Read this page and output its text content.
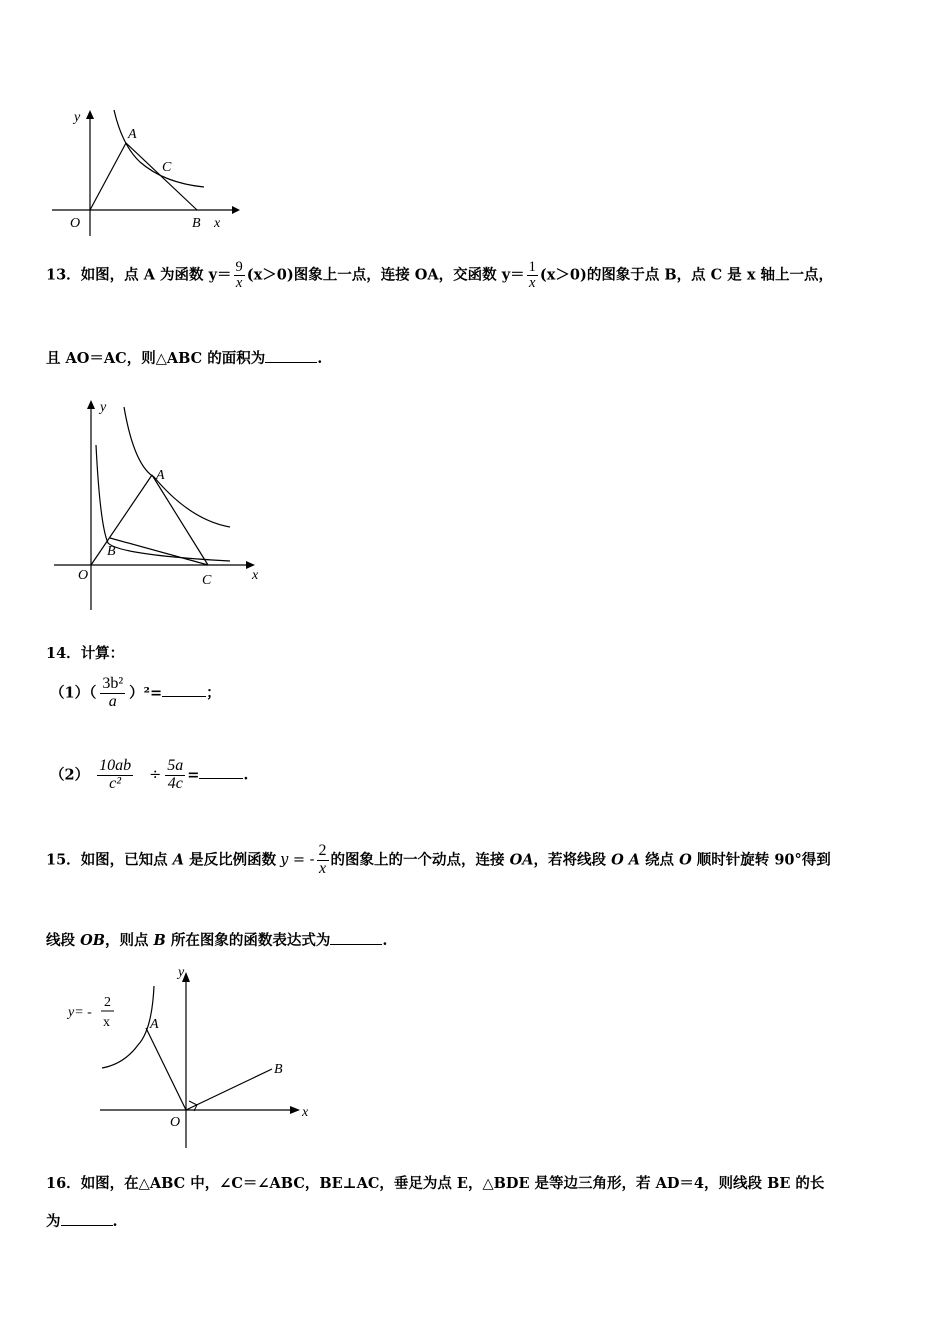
y
x
O
A
B
C
13．如图，点 A 为函数 $y= \frac{9}{x} (x>0)$图象上一点，连接 OA，交函数 $y= \frac{1}{x} (x>0)$的图象于点 B，点 C 是 x 轴上一点，
且 AO＝AC，则△ABC 的面积为	.
y
x
O
A
B
C
14．计算：
$(1)( \frac{\text{3b²}}{a} )^2=$	；
$(2) \frac{10ab}{\text{c²}} \div \frac{5a}{4c}$ =	.
15．如图，已知点 A 是反比例函数 y = - $\frac{2}{x}$ 的图象上的一个动点，连接 OA，若将线段 O A 绕点 O 顺时针旋转 90°得到
线段 OB，则点 B 所在图象的函数表达式为	.
y
x
O
A
B
y= -
2
x
16．如图，在△ABC 中，∠C＝∠ABC，BE⊥AC，垂足为点 E，△BDE 是等边三角形，若 AD＝4，则线段 BE 的长
为	.
